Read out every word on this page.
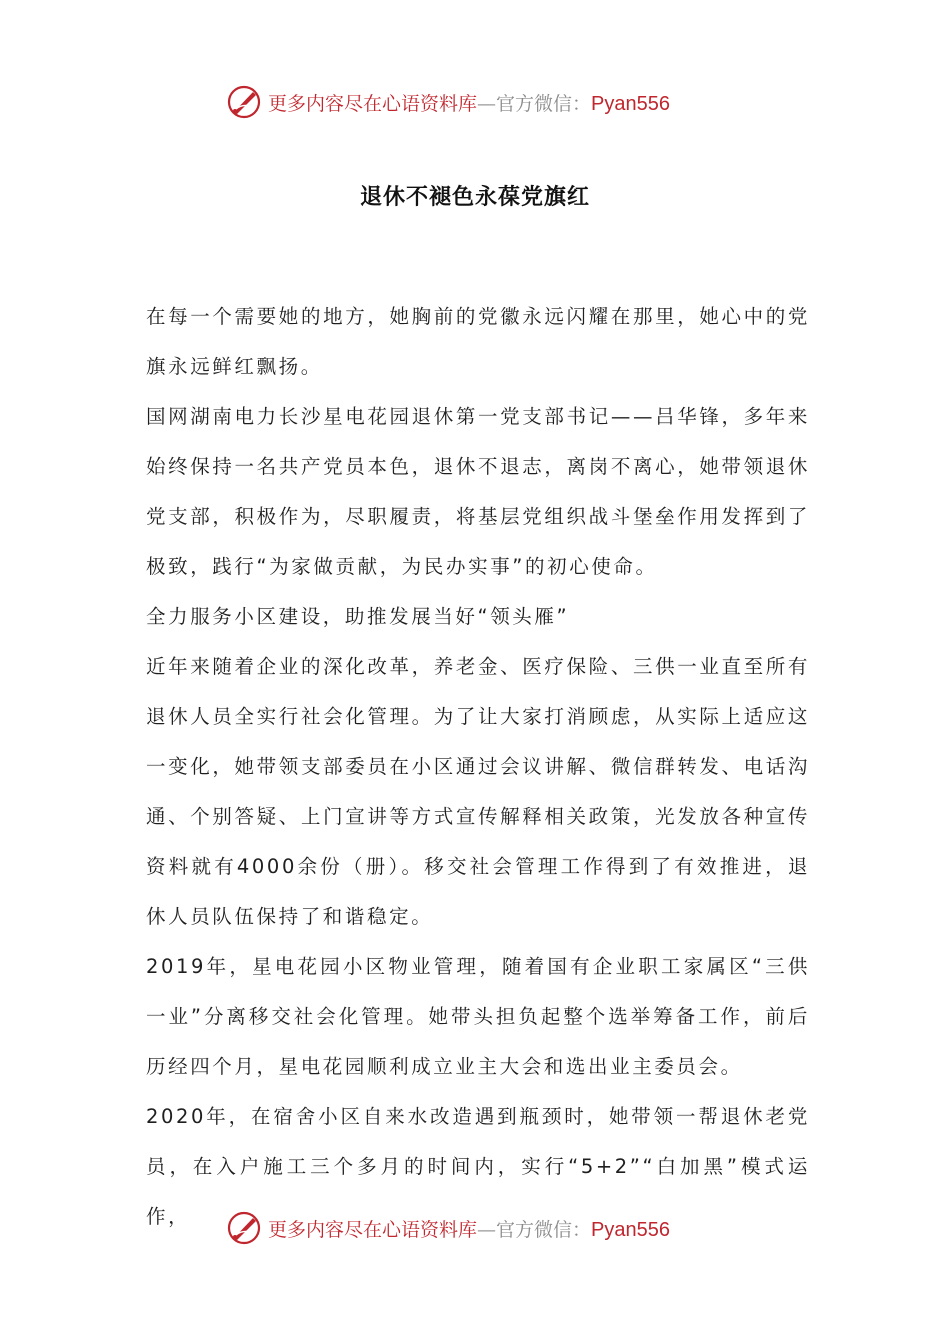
更多内容尽在心语资料库—官方微信：Pyan556
退休不褪色永葆党旗红

在每一个需要她的地方，她胸前的党徽永远闪耀在那里，她心中的党旗永远鲜红飘扬。

国网湖南电力长沙星电花园退休第一党支部书记——吕华锋，多年来始终保持一名共产党员本色，退休不退志，离岗不离心，她带领退休党支部，积极作为，尽职履责，将基层党组织战斗堡垒作用发挥到了极致，践行“为家做贡献，为民办实事”的初心使命。

全力服务小区建设，助推发展当好“领头雁”

近年来随着企业的深化改革，养老金、医疗保险、三供一业直至所有退休人员全实行社会化管理。为了让大家打消顾虑，从实际上适应这一变化，她带领支部委员在小区通过会议讲解、微信群转发、电话沟通、个别答疑、上门宣讲等方式宣传解释相关政策，光发放各种宣传资料就有4000余份（册）。移交社会管理工作得到了有效推进，退休人员队伍保持了和谐稳定。

2019年，星电花园小区物业管理，随着国有企业职工家属区“三供一业”分离移交社会化管理。她带头担负起整个选举筹备工作，前后历经四个月，星电花园顺利成立业主大会和选出业主委员会。

2020年，在宿舍小区自来水改造遇到瓶颈时，她带领一帮退休老党员，在入户施工三个多月的时间内，实行“5+2”“白加黑”模式运作，

更多内容尽在心语资料库—官方微信：Pyan556
